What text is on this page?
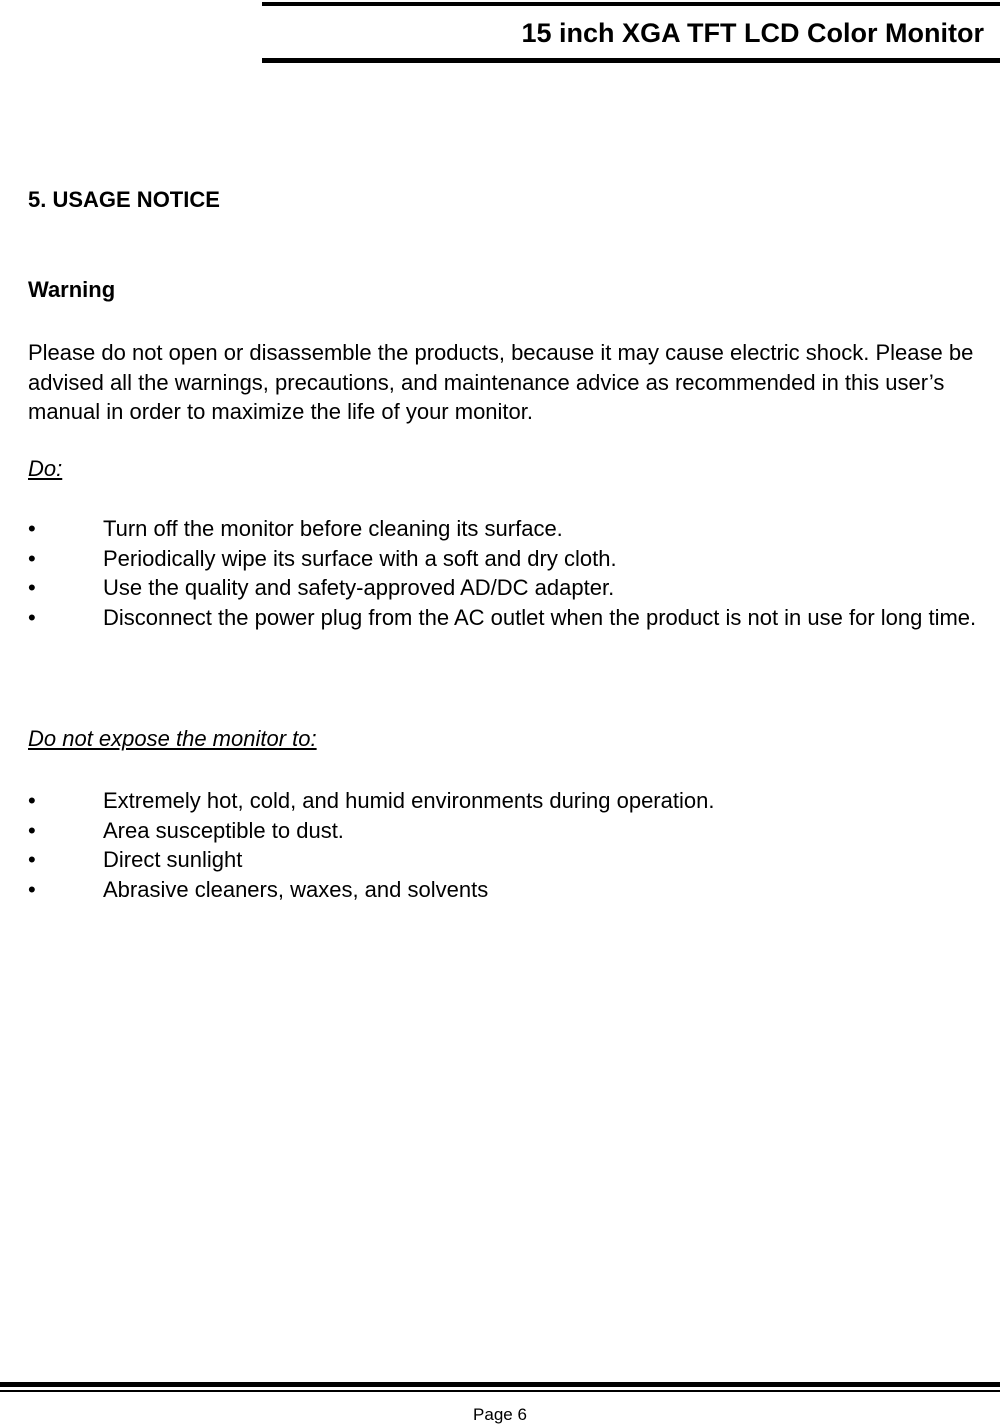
15 inch XGA TFT LCD Color Monitor
5. USAGE NOTICE
Warning
Please do not open or disassemble the products, because it may cause electric shock. Please be advised all the warnings, precautions, and maintenance advice as recommended in this user’s manual in order to maximize the life of your monitor.
Do:
•	Turn off the monitor before cleaning its surface.
•	Periodically wipe its surface with a soft and dry cloth.
•	Use the quality and safety-approved AD/DC adapter.
•	Disconnect the power plug from the AC outlet when the product is not in use for long time.
Do not expose the monitor to:
•	Extremely hot, cold, and humid environments during operation.
•	Area susceptible to dust.
•	Direct sunlight
•	Abrasive cleaners, waxes, and solvents
Page 6
